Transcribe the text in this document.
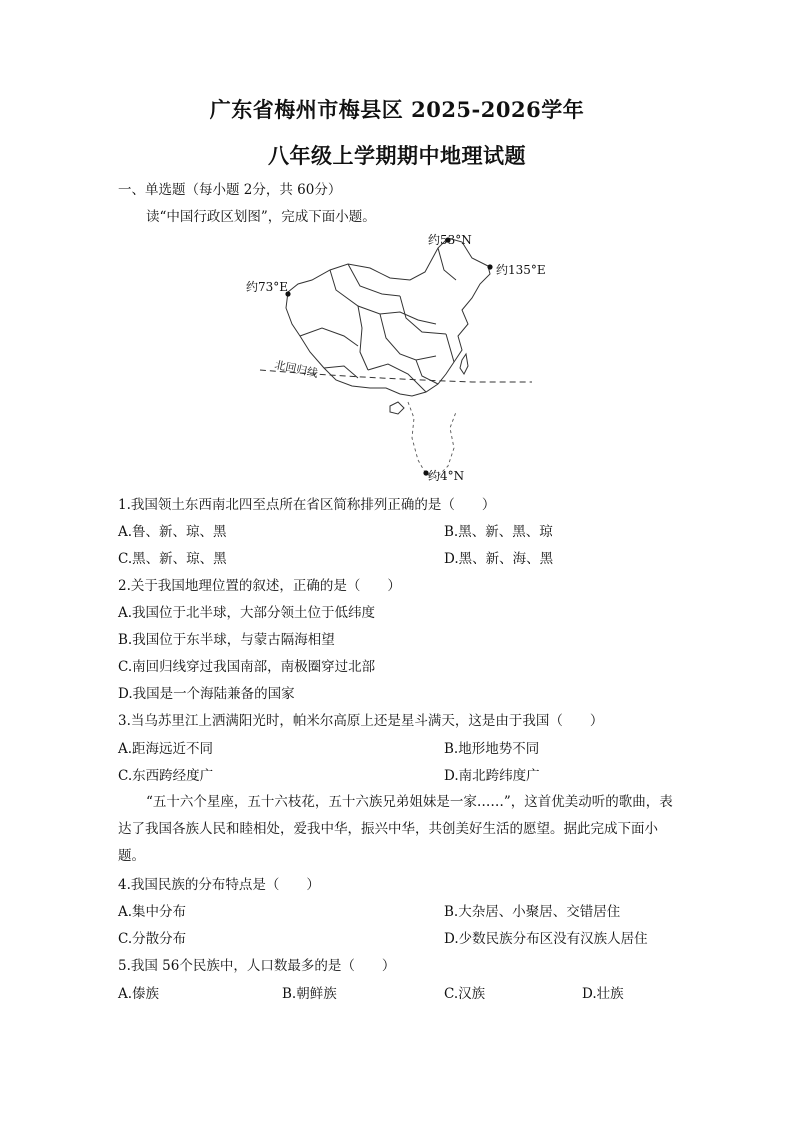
广东省梅州市梅县区 2025-2026学年
八年级上学期期中地理试题
一、单选题（每小题 2分，共 60分）
读“中国行政区划图”，完成下面小题。
约53°N
约135°E
约73°E
约4°N
北回归线
1.我国领土东西南北四至点所在省区简称排列正确的是（　　）
A.鲁、新、琼、黑	B.黑、新、黑、琼
C.黑、新、琼、黑	D.黑、新、海、黑
2.关于我国地理位置的叙述，正确的是（　　）
A.我国位于北半球，大部分领土位于低纬度
B.我国位于东半球，与蒙古隔海相望
C.南回归线穿过我国南部，南极圈穿过北部
D.我国是一个海陆兼备的国家
3.当乌苏里江上洒满阳光时，帕米尔高原上还是星斗满天，这是由于我国（　　）
A.距海远近不同	B.地形地势不同
C.东西跨经度广	D.南北跨纬度广
“五十六个星座，五十六枝花，五十六族兄弟姐妹是一家……”，这首优美动听的歌曲，表达了我国各族人民和睦相处，爱我中华，振兴中华，共创美好生活的愿望。据此完成下面小题。
4.我国民族的分布特点是（　　）
A.集中分布	B.大杂居、小聚居、交错居住
C.分散分布	D.少数民族分布区没有汉族人居住
5.我国 56个民族中，人口数最多的是（　　）
A.傣族	B.朝鲜族	C.汉族	D.壮族
